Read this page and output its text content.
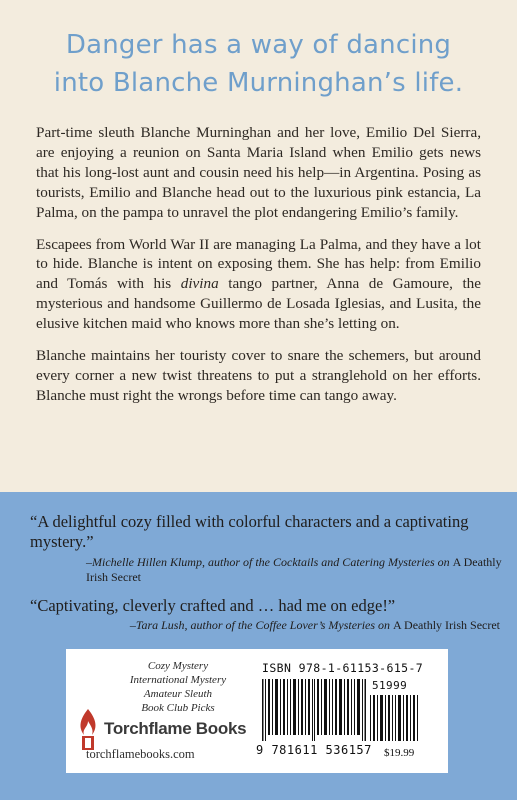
Danger has a way of dancing
into Blanche Murninghan’s life.

Part-time sleuth Blanche Murninghan and her love, Emilio Del Sierra, are enjoying a reunion on Santa Maria Island when Emilio gets news that his long-lost aunt and cousin need his help—in Argentina. Posing as tourists, Emilio and Blanche head out to the luxurious pink estancia, La Palma, on the pampa to unravel the plot endangering Emilio’s family.

Escapees from World War II are managing La Palma, and they have a lot to hide. Blanche is intent on exposing them. She has help: from Emilio and Tomás with his divina tango partner, Anna de Gamoure, the mysterious and handsome Guillermo de Losada Iglesias, and Lusita, the elusive kitchen maid who knows more than she’s letting on.

Blanche maintains her touristy cover to snare the schemers, but around every corner a new twist threatens to put a stranglehold on her efforts. Blanche must right the wrongs before time can tango away.

“A delightful cozy filled with colorful characters and a captivating mystery.”
–Michelle Hillen Klump, author of the Cocktails and Catering Mysteries on A Deathly Irish Secret
“Captivating, cleverly crafted and … had me on edge!”
–Tara Lush, author of the Coffee Lover’s Mysteries on A Deathly Irish Secret
Cozy Mystery
International Mystery
Amateur Sleuth
Book Club Picks
Torchflame Books
torchflamebooks.com
ISBN 978-1-61153-615-7
51999
9 781611 536157 $19.99
